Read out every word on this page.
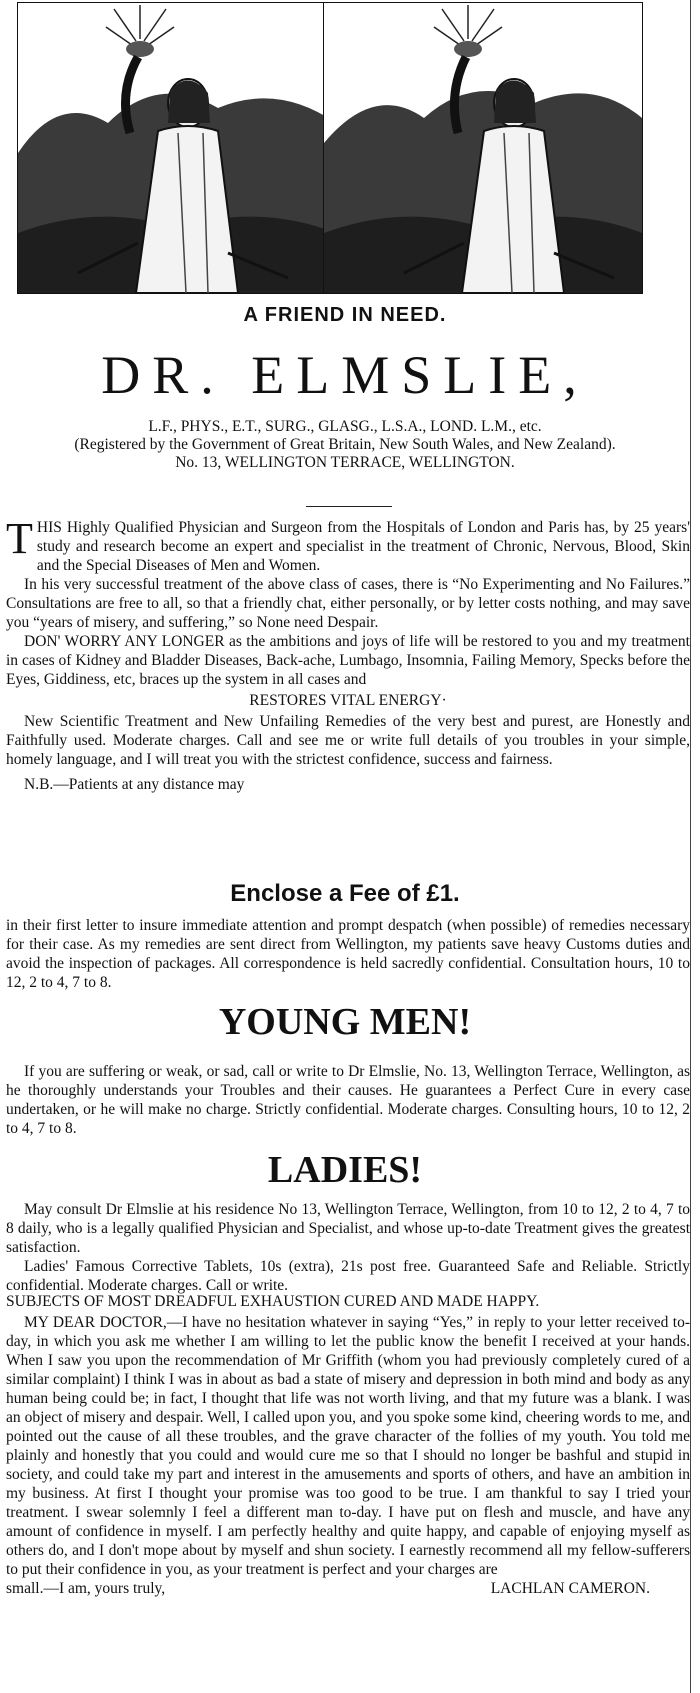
A FRIEND IN NEED.
DR. ELMSLIE,
L.F., PHYS., E.T., SURG., GLASG., L.S.A., LOND. L.M., etc.
(Registered by the Government of Great Britain, New South Wales, and New Zealand).
No. 13, WELLINGTON TERRACE, WELLINGTON.

THIS Highly Qualified Physician and Surgeon from the Hospitals of London and Paris has, by 25 years' study and research become an expert and specialist in the treatment of Chronic, Nervous, Blood, Skin and the Special Diseases of Men and Women.

In his very successful treatment of the above class of cases, there is “No Experimenting and No Failures.” Consultations are free to all, so that a friendly chat, either personally, or by letter costs nothing, and may save you “years of misery, and suffering,” so None need Despair.

DON' WORRY ANY LONGER as the ambitions and joys of life will be restored to you and my treatment in cases of Kidney and Bladder Diseases, Back-ache, Lumbago, Insomnia, Failing Memory, Specks before the Eyes, Giddiness, etc, braces up the system in all cases and

RESTORES VITAL ENERGY·

New Scientific Treatment and New Unfailing Remedies of the very best and purest, are Honestly and Faithfully used. Moderate charges. Call and see me or write full details of you troubles in your simple, homely language, and I will treat you with the strictest confidence, success and fairness.

N.B.—Patients at any distance may

Enclose a Fee of £1.

in their first letter to insure immediate attention and prompt despatch (when possible) of remedies necessary for their case. As my remedies are sent direct from Wellington, my patients save heavy Customs duties and avoid the inspection of packages. All correspondence is held sacredly confidential. Consultation hours, 10 to 12, 2 to 4, 7 to 8.

YOUNG MEN!

If you are suffering or weak, or sad, call or write to Dr Elmslie, No. 13, Wellington Terrace, Wellington, as he thoroughly understands your Troubles and their causes. He guarantees a Perfect Cure in every case undertaken, or he will make no charge. Strictly confidential. Moderate charges. Consulting hours, 10 to 12, 2 to 4, 7 to 8.

LADIES!

May consult Dr Elmslie at his residence No 13, Wellington Terrace, Wellington, from 10 to 12, 2 to 4, 7 to 8 daily, who is a legally qualified Physician and Specialist, and whose up-to-date Treatment gives the greatest satisfaction.

Ladies' Famous Corrective Tablets, 10s (extra), 21s post free. Guaranteed Safe and Reliable. Strictly confidential. Moderate charges. Call or write.

SUBJECTS OF MOST DREADFUL EXHAUSTION CURED AND MADE HAPPY.

MY DEAR DOCTOR,—I have no hesitation whatever in saying “Yes,” in reply to your letter received to-day, in which you ask me whether I am willing to let the public know the benefit I received at your hands. When I saw you upon the recommendation of Mr Griffith (whom you had previously completely cured of a similar complaint) I think I was in about as bad a state of misery and depression in both mind and body as any human being could be; in fact, I thought that life was not worth living, and that my future was a blank. I was an object of misery and despair. Well, I called upon you, and you spoke some kind, cheering words to me, and pointed out the cause of all these troubles, and the grave character of the follies of my youth. You told me plainly and honestly that you could and would cure me so that I should no longer be bashful and stupid in society, and could take my part and interest in the amusements and sports of others, and have an ambition in my business. At first I thought your promise was too good to be true. I am thankful to say I tried your treatment. I swear solemnly I feel a different man to-day. I have put on flesh and muscle, and have any amount of confidence in myself. I am perfectly healthy and quite happy, and capable of enjoying myself as others do, and I don't mope about by myself and shun society. I earnestly recommend all my fellow-sufferers to put their confidence in you, as your treatment is perfect and your charges are

small.—I am, yours truly,	LACHLAN CAMERON.
